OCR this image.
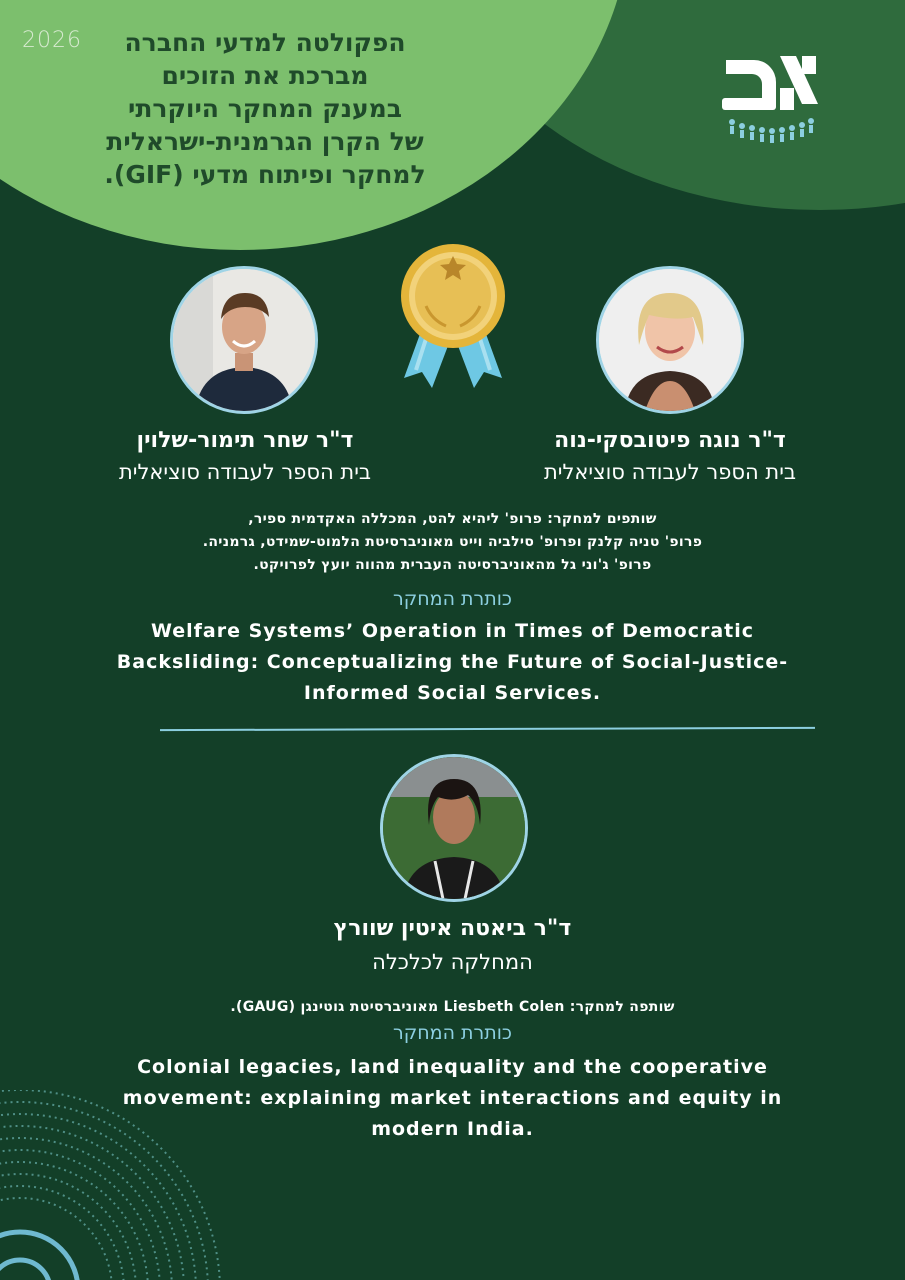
2026	הפקולטה למדעי החברה
מברכת את הזוכים
במענק המחקר היוקרתי
של הקרן הגרמנית-ישראלית
למחקר ופיתוח מדעי (GIF).
ד"ר שחר תימור-שלוין
בית הספר לעבודה סוציאלית
ד"ר נוגה פיטובסקי-נוה
בית הספר לעבודה סוציאלית
שותפים למחקר: פרופ' ליהיא להט, המכללה האקדמית ספיר,
פרופ' טניה קלנק ופרופ' סילביה וייט מאוניברסיטת הלמוט-שמידט, גרמניה.
פרופ' ג'וני גל מהאוניברסיטה העברית מהווה יועץ לפרויקט.
כותרת המחקר
Welfare Systems’ Operation in Times of Democratic
Backsliding: Conceptualizing the Future of Social-Justice-
Informed Social Services.
ד"ר ביאטה איטין שוורץ
המחלקה לכלכלה
שותפה למחקר: Liesbeth Colen מאוניברסיטת גוטינגן (GAUG).
כותרת המחקר
Colonial legacies, land inequality and the cooperative
movement: explaining market interactions and equity in
modern India.
